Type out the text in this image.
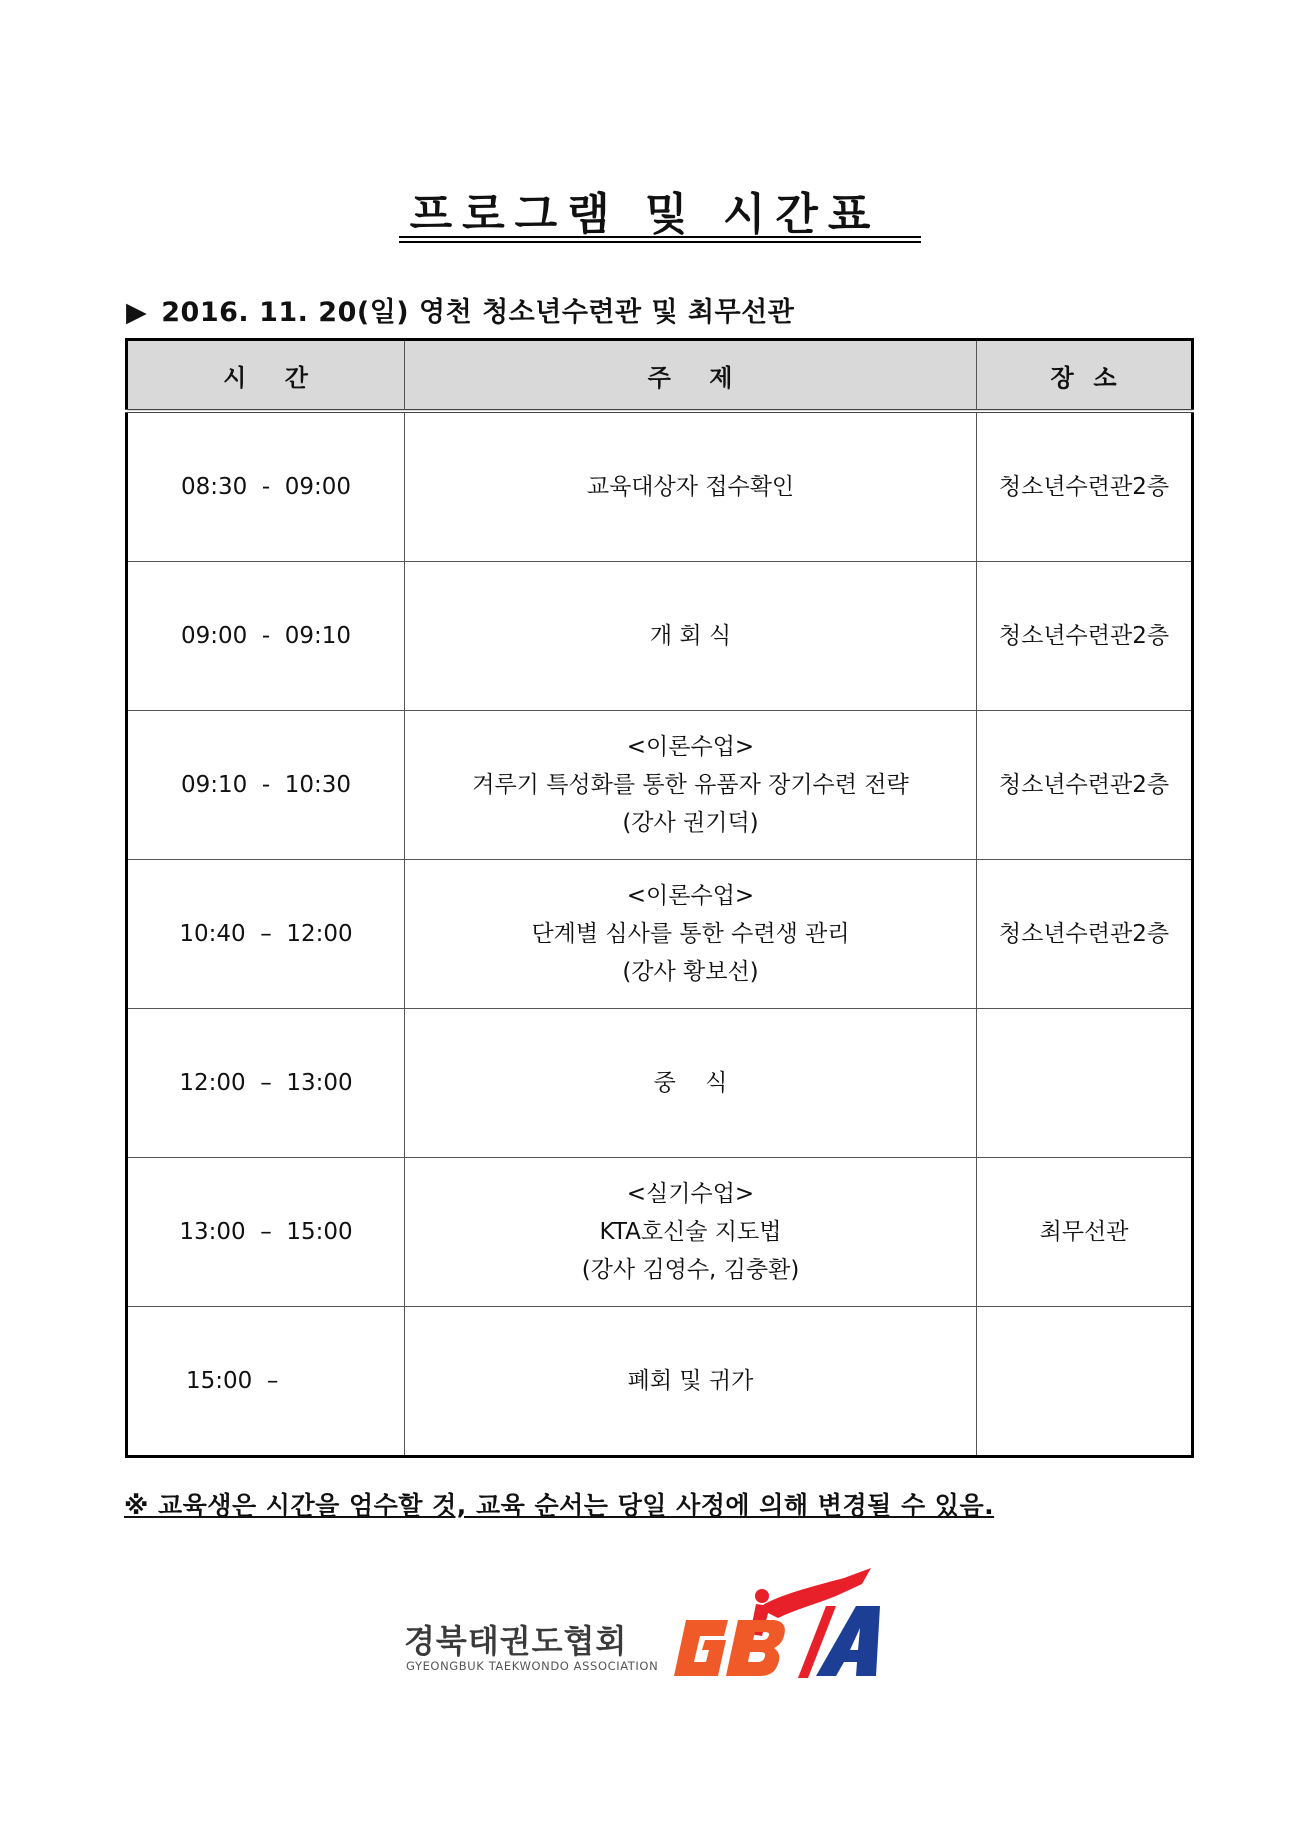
프로그램 및 시간표
▶ 2016. 11. 20(일) 영천 청소년수련관 및 최무선관
시    간	주    제	장  소
08:30  -  09:00	교육대상자 접수확인	청소년수련관2층
09:00  -  09:10	개 회 식	청소년수련관2층
09:10  -  10:30	<이론수업>
겨루기 특성화를 통한 유품자 장기수련 전략
(강사 권기덕)	청소년수련관2층
10:40  –  12:00	<이론수업>
단계별 심사를 통한 수련생 관리
(강사 황보선)	청소년수련관2층
12:00  –  13:00	중    식	

13:00  –  15:00	<실기수업>
KTA호신술 지도법
(강사 김영수, 김충환)	최무선관
15:00  –	폐회 및 귀가	

※ 교육생은 시간을 엄수할 것, 교육 순서는 당일 사정에 의해 변경될 수 있음.
경북태권도협회
GYEONGBUK TAEKWONDO ASSOCIATION
